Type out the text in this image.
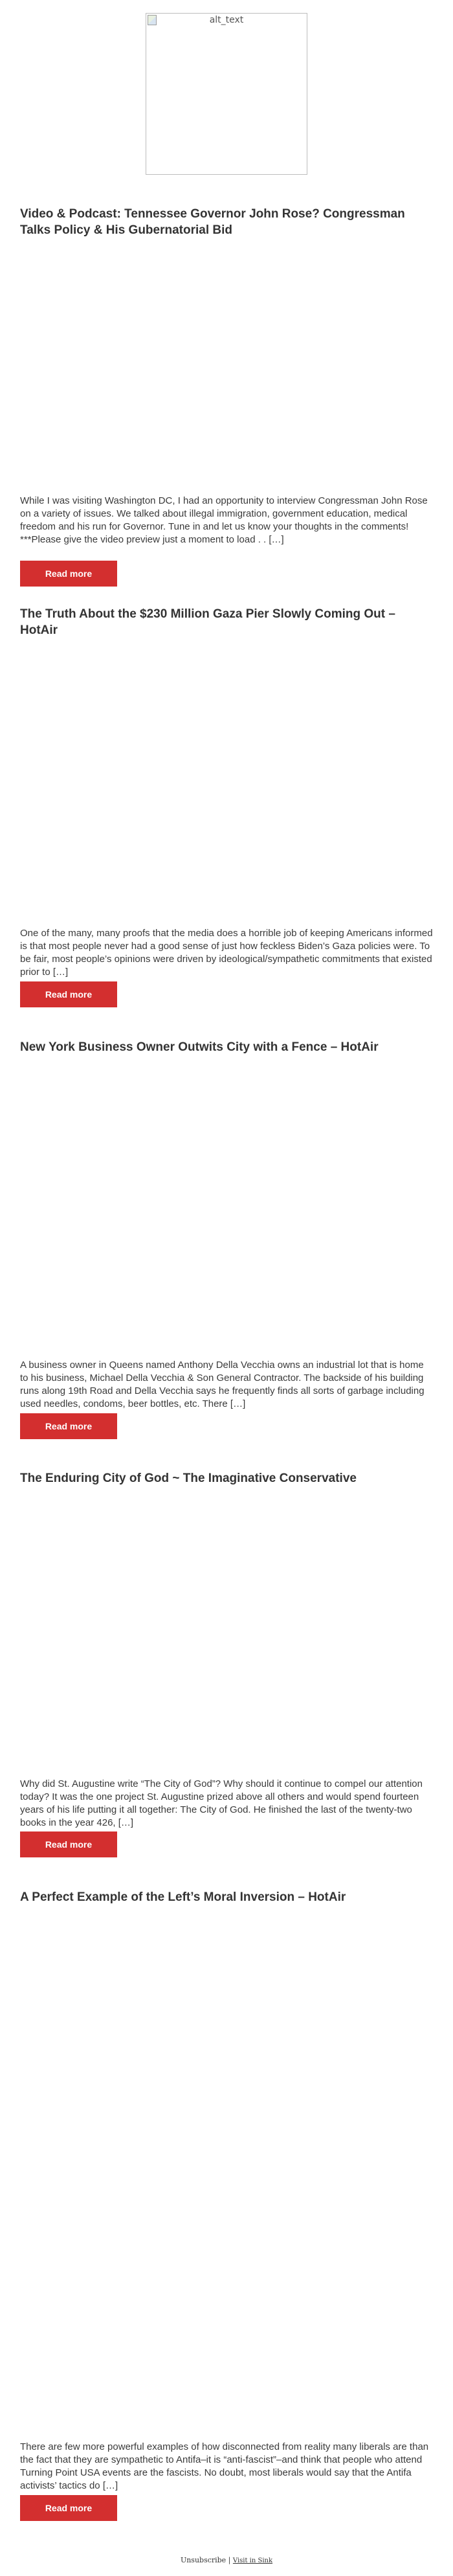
alt_text
Video & Podcast: Tennessee Governor John Rose? Congressman Talks Policy & His Gubernatorial Bid

While I was visiting Washington DC, I had an opportunity to interview Congressman John Rose on a variety of issues. We talked about illegal immigration, government education, medical freedom and his run for Governor. Tune in and let us know your thoughts in the comments! ***Please give the video preview just a moment to load . . […]

Read more
The Truth About the $230 Million Gaza Pier Slowly Coming Out – HotAir

One of the many, many proofs that the media does a horrible job of keeping Americans informed is that most people never had a good sense of just how feckless Biden’s Gaza policies were. To be fair, most people’s opinions were driven by ideological/sympathetic commitments that existed prior to […]

Read more
New York Business Owner Outwits City with a Fence – HotAir

A business owner in Queens named Anthony Della Vecchia owns an industrial lot that is home to his business, Michael Della Vecchia & Son General Contractor. The backside of his building runs along 19th Road and Della Vecchia says he frequently finds all sorts of garbage including used needles, condoms, beer bottles, etc. There […]

Read more
The Enduring City of God ~ The Imaginative Conservative

Why did St. Augustine write “The City of God”? Why should it continue to compel our attention today? It was the one project St. Augustine prized above all others and would spend fourteen years of his life putting it all together: The City of God. He finished the last of the twenty-two books in the year 426, […]

Read more
A Perfect Example of the Left’s Moral Inversion – HotAir

There are few more powerful examples of how disconnected from reality many liberals are than the fact that they are sympathetic to Antifa–it is “anti-fascist”–and think that people who attend Turning Point USA events are the fascists. No doubt, most liberals would say that the Antifa activists’ tactics do […]

Read more
Unsubscribe | Visit in Sink
